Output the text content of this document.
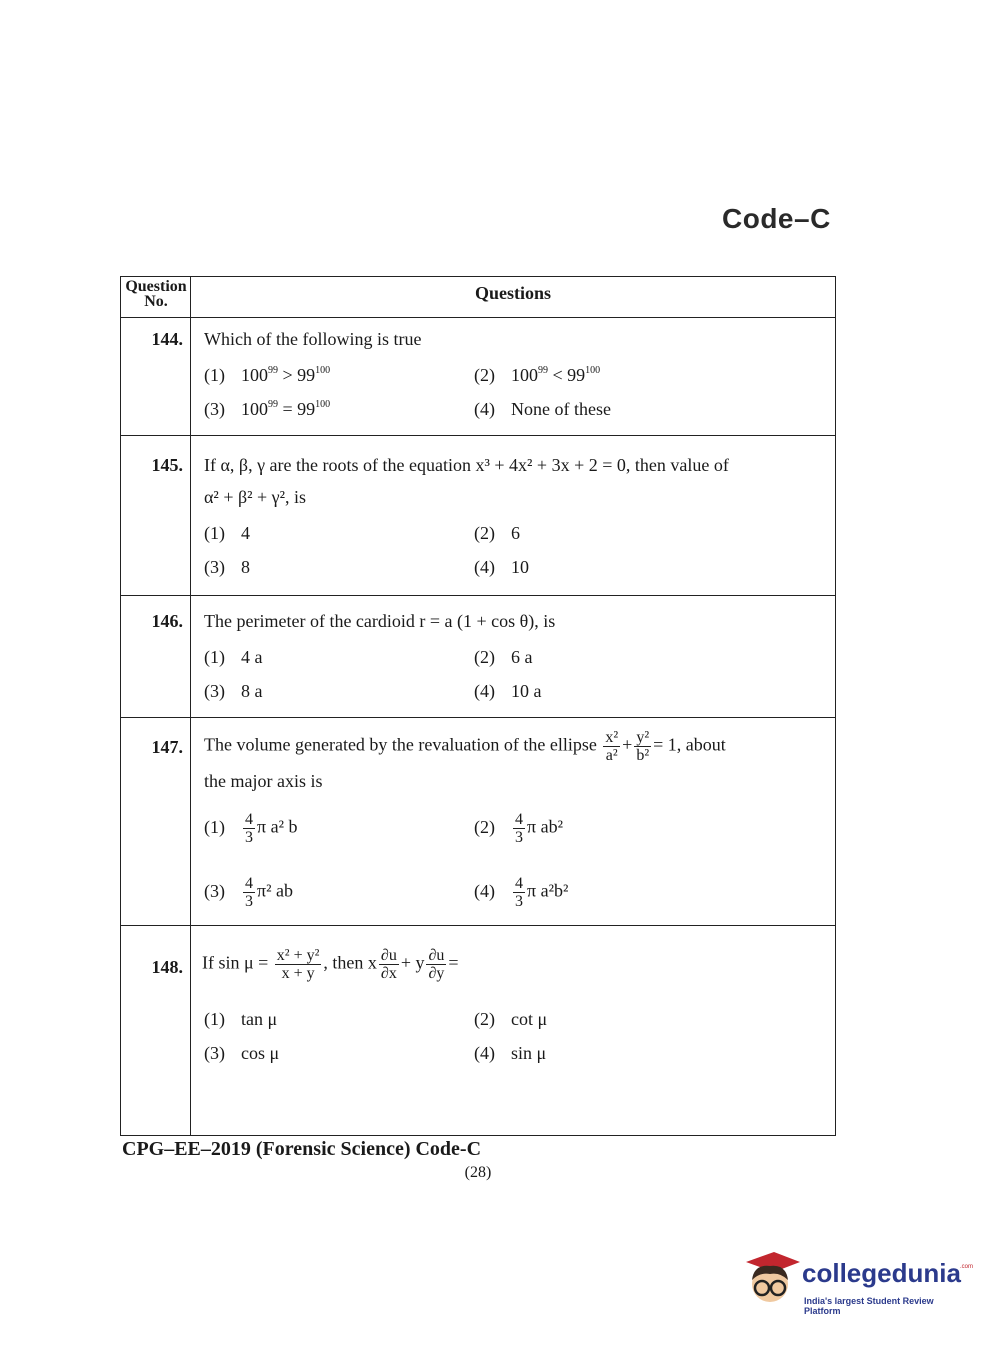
Code–C
Question No.	Questions
144. Which of the following is true
(1) $100^{99} > 99^{100}$	(2) $100^{99} < 99^{100}$
(3) $100^{99} = 99^{100}$	(4) None of these
145. If α, β, γ are the roots of the equation x³ + 4x² + 3x + 2 = 0, then value of
α² + β² + γ², is
(1) 4	(2) 6
(3) 8	(4) 10
146. The perimeter of the cardioid r = a (1 + cos θ), is
(1) 4 a	(2) 6 a
(3) 8 a	(4) 10 a
147. The volume generated by the revaluation of the ellipse $\frac{\text{x²}}{\text{a²}} + \frac{\text{y²}}{\text{b²}} = 1$, about
the major axis is
$(1) \frac{4}{3}$ π a² b	$(2) \frac{4}{3}$ π ab²
$(3) \frac{4}{3} \pi^2$ ab	$(4) \frac{4}{3}$ π a²b²
148. If $\sin \mu = \frac{\text{x² + y²}}{x + y}$ , then x $\frac{\partial u}{\partial x} + y \frac{\partial u}{\partial y}$ =
(1) tan μ	(2) cot μ
(3) cos μ	(4) sin μ
CPG–EE–2019 (Forensic Science) Code-C
(28)
collegedunia .com
India's largest Student Review Platform
